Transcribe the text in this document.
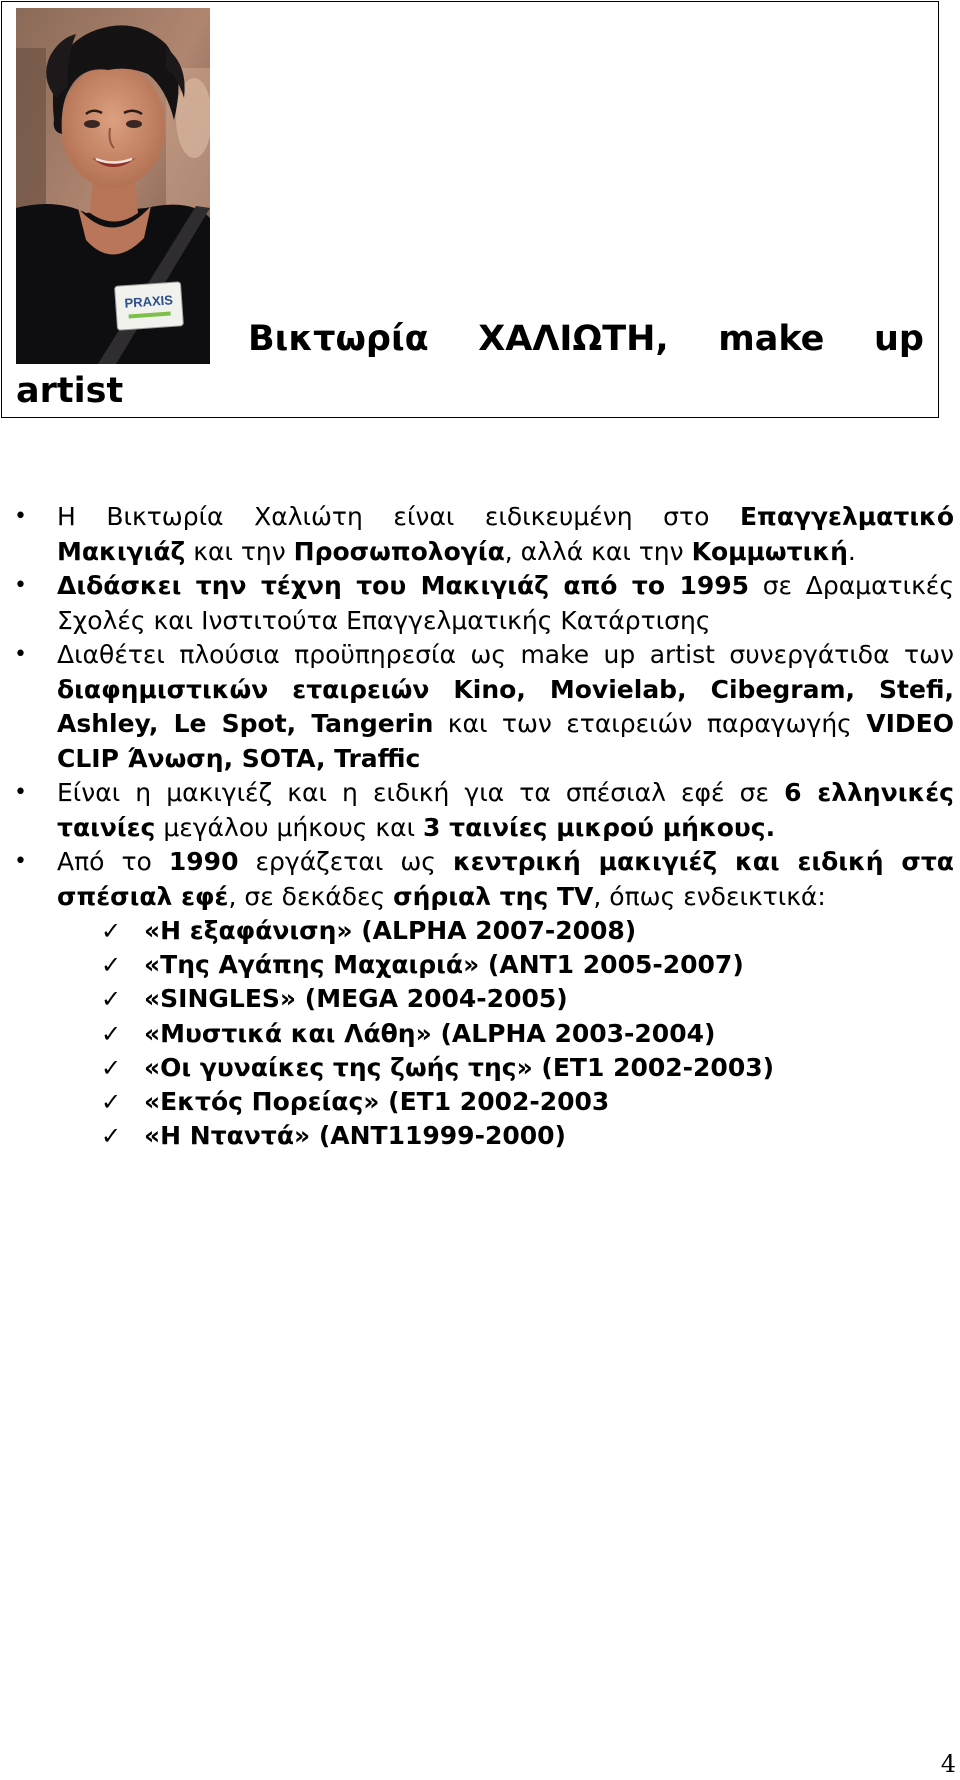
PRAXIS
Βικτωρία ΧΑΛΙΩΤΗ, make up
artist
• Η Βικτωρία Χαλιώτη είναι ειδικευμένη στο Επαγγελματικό Μακιγιάζ και την Προσωπολογία, αλλά και την Κομμωτική.
• Διδάσκει την τέχνη του Μακιγιάζ από το 1995 σε Δραματικές Σχολές και Ινστιτούτα Επαγγελματικής Κατάρτισης
• Διαθέτει πλούσια προϋπηρεσία ως make up artist συνεργάτιδα των διαφημιστικών εταιρειών Kino, Movielab, Cibegram, Stefi, Ashley, Le Spot, Tangerin και των εταιρειών παραγωγής VIDEO CLIP Άνωση, SOTA, Traffic
• Είναι η μακιγιέζ και η ειδική για τα σπέσιαλ εφέ σε 6 ελληνικές ταινίες μεγάλου μήκους και 3 ταινίες μικρού μήκους.
• Από το 1990 εργάζεται ως κεντρική μακιγιέζ και ειδική στα σπέσιαλ εφέ, σε δεκάδες σήριαλ της TV, όπως ενδεικτικά:
✓ «Η εξαφάνιση» (ALPHA 2007-2008)
✓ «Της Αγάπης Μαχαιριά» (ANT1 2005-2007)
✓ «SINGLES» (MEGA 2004-2005)
✓ «Μυστικά και Λάθη» (ALPHA 2003-2004)
✓ «Οι γυναίκες της ζωής της» (ET1 2002-2003)
✓ «Εκτός Πορείας» (ET1 2002-2003
✓ «Η Νταντά» (ANT11999-2000)
4
